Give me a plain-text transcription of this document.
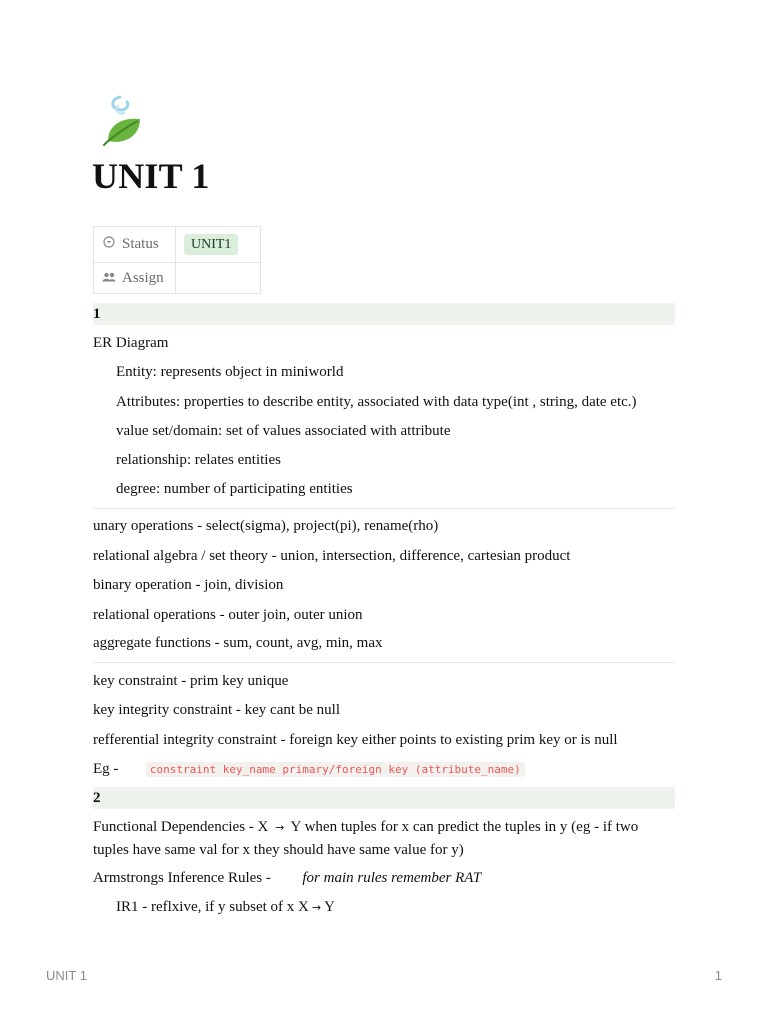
UNIT 1
Status	UNIT1
Assign	
1
ER Diagram
Entity: represents object in miniworld
Attributes: properties to describe entity, associated with data type(int , string, date etc.)
value set/domain: set of values associated with attribute
relationship: relates entities
degree: number of participating entities
unary operations - select(sigma), project(pi), rename(rho)
relational algebra / set theory - union, intersection, difference, cartesian product
binary operation - join, division
relational operations - outer join, outer union
aggregate functions - sum, count, avg, min, max
key constraint - prim key unique
key integrity constraint - key cant be null
refferential integrity constraint - foreign key either points to existing prim key or is null
Eg -	constraint key_name primary/foreign key (attribute_name)
2
Functional Dependencies - X → Y when tuples for x can predict the tuples in y (eg - if two tuples have same val for x they should have same value for y)
Armstrongs Inference Rules - for main rules remember RAT
IR1 - reflxive, if y subset of x X → Y
UNIT 1	1
